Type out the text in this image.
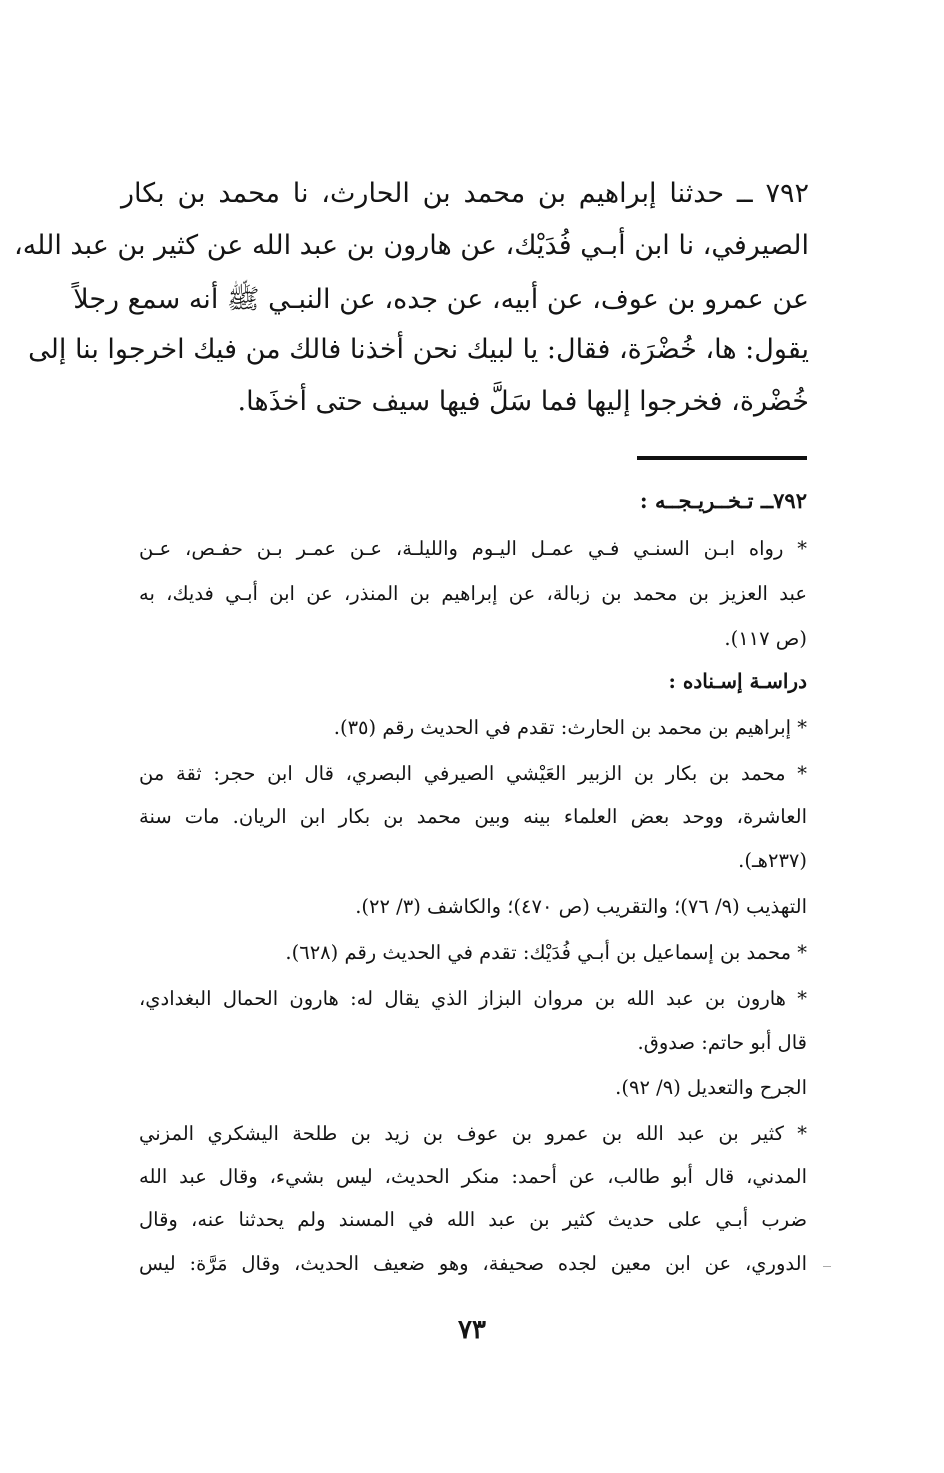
٧٩٢ ــ حدثنا إبراهيم بن محمد بن الحارث، نا محمد بن بكار
الصيرفي، نا ابن أبـي فُدَيْك، عن هارون بن عبد الله عن كثير بن عبد الله،
عن عمرو بن عوف، عن أبيه، عن جده، عن النبـي ﷺ أنه سمع رجلاً
يقول: ها، خُضْرَة، فقال: يا لبيك نحن أخذنا فالك من فيك اخرجوا بنا إلى
خُضْرة، فخرجوا إليها فما سَلَّ فيها سيف حتى أخذَها.
٧٩٢ــ تـخــريـجــه :
* رواه ابـن السنـي فـي عمـل اليـوم والليلـة، عـن عمـر بـن حفـص، عـن
عبد العزيز بن محمد بن زبالة، عن إبراهيم بن المنذر، عن ابن أبـي فديك، به
(ص ١١٧).
دراسـة إسـناده :
* إبراهيم بن محمد بن الحارث: تقدم في الحديث رقم (٣٥).
* محمد بن بكار بن الزبير العَيْشي الصيرفي البصري، قال ابن حجر: ثقة من
العاشرة، ووحد بعض العلماء بينه وبين محمد بن بكار ابن الريان. مات سنة
(٢٣٧هـ).
التهذيب (٩/ ٧٦)؛ والتقريب (ص ٤٧٠)؛ والكاشف (٣/ ٢٢).
* محمد بن إسماعيل بن أبـي فُدَيْك: تقدم في الحديث رقم (٦٢٨).
* هارون بن عبد الله بن مروان البزاز الذي يقال له: هارون الحمال البغدادي،
قال أبو حاتم: صدوق.
الجرح والتعديل (٩/ ٩٢).
* كثير بن عبد الله بن عمرو بن عوف بن زيد بن طلحة اليشكري المزني
المدني، قال أبو طالب، عن أحمد: منكر الحديث، ليس بشيء، وقال عبد الله
ضرب أبـي على حديث كثير بن عبد الله في المسند ولم يحدثنا عنه، وقال
الدوري، عن ابن معين لجده صحيفة، وهو ضعيف الحديث، وقال مَرَّة: ليس
٧٣
